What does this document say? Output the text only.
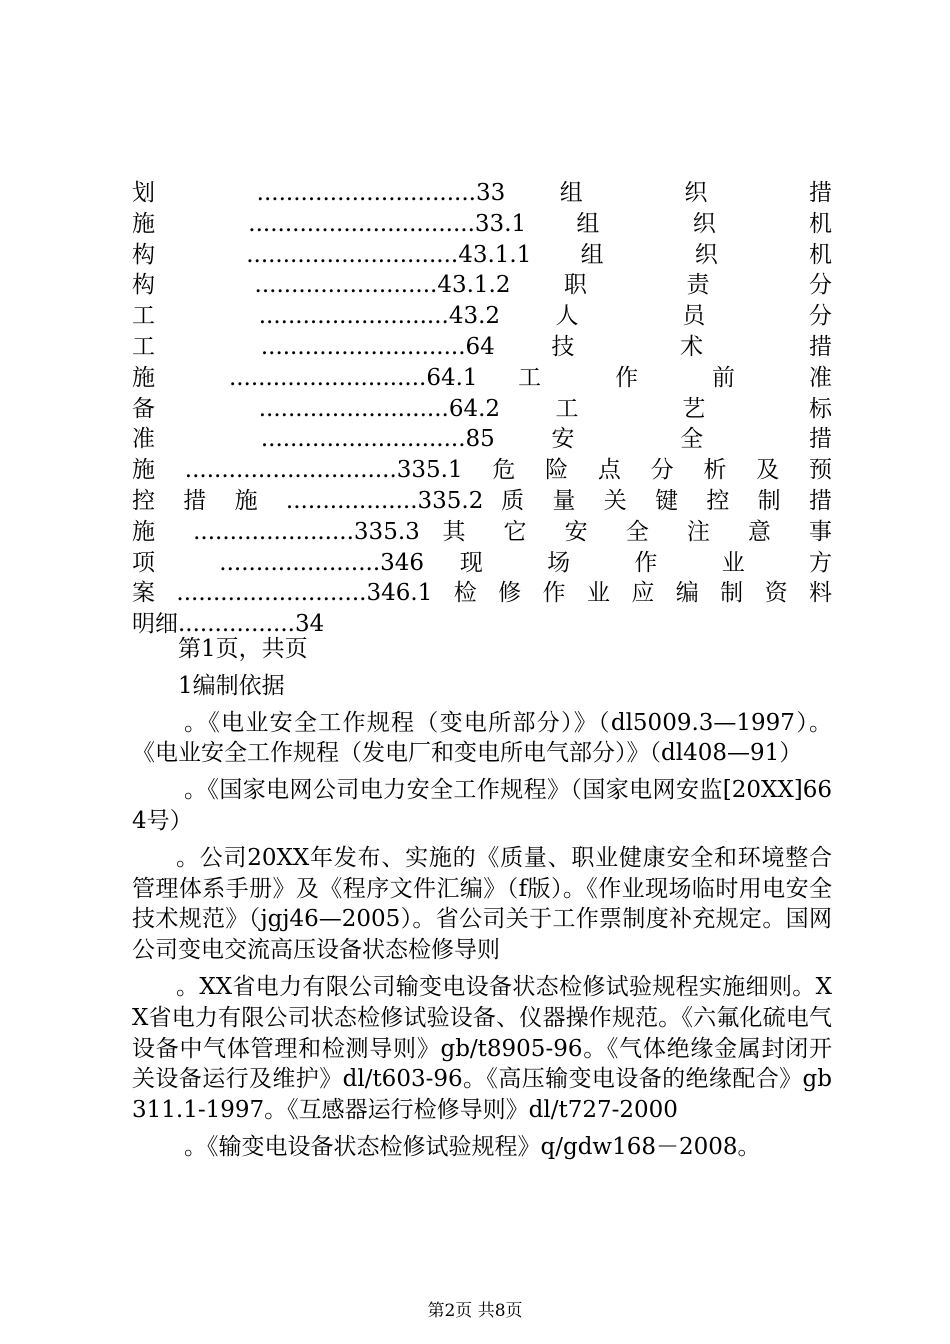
划 ..............................33 组 织 措
施 ...............................33.1 组 织 机
构 .............................43.1.1 组 织 机
构 .........................43.1.2 职 责 分
工 ..........................43.2 人 员 分
工 ............................64 技 术 措
施 ...........................64.1 工 作 前 准
备 ..........................64.2 工 艺 标
准 ............................85 安 全 措
施.............................335.1危险点分析及预
控 措 施 ..................335.2 质 量 关 键 控 制 措
施 ......................335.3 其 它 安 全 注 意 事
项 ......................346 现 场 作 业 方
案..........................346.1检修作业应编制资料
明细................34

第1页，共页

1编制依据

。《电业安全工作规程（变电所部分）》（dl5009.3—1997）。《电业安全工作规程（发电厂和变电所电气部分）》（dl408—91）

。《国家电网公司电力安全工作规程》（国家电网安监[20XX]664号）

。公司20XX年发布、实施的《质量、职业健康安全和环境整合管理体系手册》及《程序文件汇编》（f版）。《作业现场临时用电安全技术规范》（jgj46—2005）。省公司关于工作票制度补充规定。国网公司变电交流高压设备状态检修导则

。XX省电力有限公司输变电设备状态检修试验规程实施细则。XX省电力有限公司状态检修试验设备、仪器操作规范。《六氟化硫电气设备中气体管理和检测导则》gb/t8905-96。《气体绝缘金属封闭开关设备运行及维护》dl/t603-96。《高压输变电设备的绝缘配合》gb311.1-1997。《互感器运行检修导则》dl/t727-2000

。《输变电设备状态检修试验规程》q/gdw168－2008。

第2页 共8页
